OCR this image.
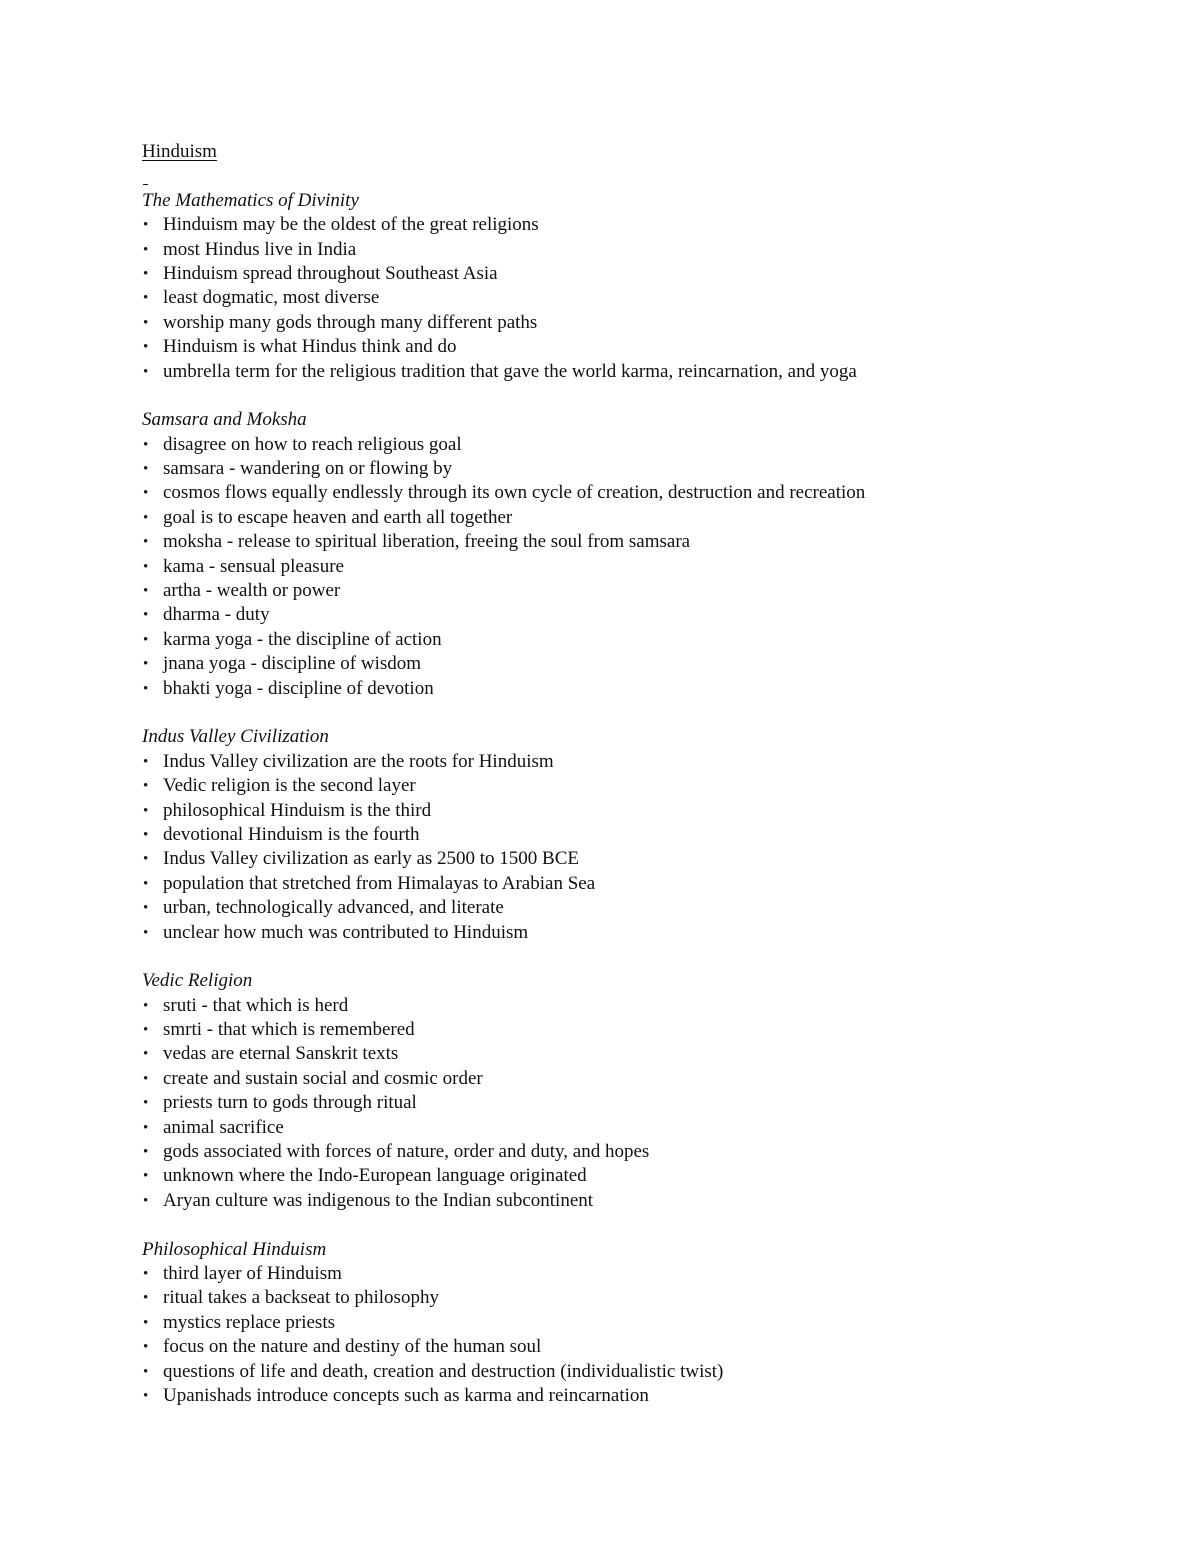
Hinduism
The Mathematics of Divinity
• Hinduism may be the oldest of the great religions
• most Hindus live in India
• Hinduism spread throughout Southeast Asia
• least dogmatic, most diverse
• worship many gods through many different paths
• Hinduism is what Hindus think and do
• umbrella term for the religious tradition that gave the world karma, reincarnation, and yoga
Samsara and Moksha
• disagree on how to reach religious goal
• samsara - wandering on or flowing by
• cosmos flows equally endlessly through its own cycle of creation, destruction and recreation
• goal is to escape heaven and earth all together
• moksha - release to spiritual liberation, freeing the soul from samsara
• kama - sensual pleasure
• artha - wealth or power
• dharma - duty
• karma yoga - the discipline of action
• jnana yoga - discipline of wisdom
• bhakti yoga - discipline of devotion
Indus Valley Civilization
• Indus Valley civilization are the roots for Hinduism
• Vedic religion is the second layer
• philosophical Hinduism is the third
• devotional Hinduism is the fourth
• Indus Valley civilization as early as 2500 to 1500 BCE
• population that stretched from Himalayas to Arabian Sea
• urban, technologically advanced, and literate
• unclear how much was contributed to Hinduism
Vedic Religion
• sruti - that which is herd
• smrti - that which is remembered
• vedas are eternal Sanskrit texts
• create and sustain social and cosmic order
• priests turn to gods through ritual
• animal sacrifice
• gods associated with forces of nature, order and duty, and hopes
• unknown where the Indo-European language originated
• Aryan culture was indigenous to the Indian subcontinent
Philosophical Hinduism
• third layer of Hinduism
• ritual takes a backseat to philosophy
• mystics replace priests
• focus on the nature and destiny of the human soul
• questions of life and death, creation and destruction (individualistic twist)
• Upanishads introduce concepts such as karma and reincarnation
